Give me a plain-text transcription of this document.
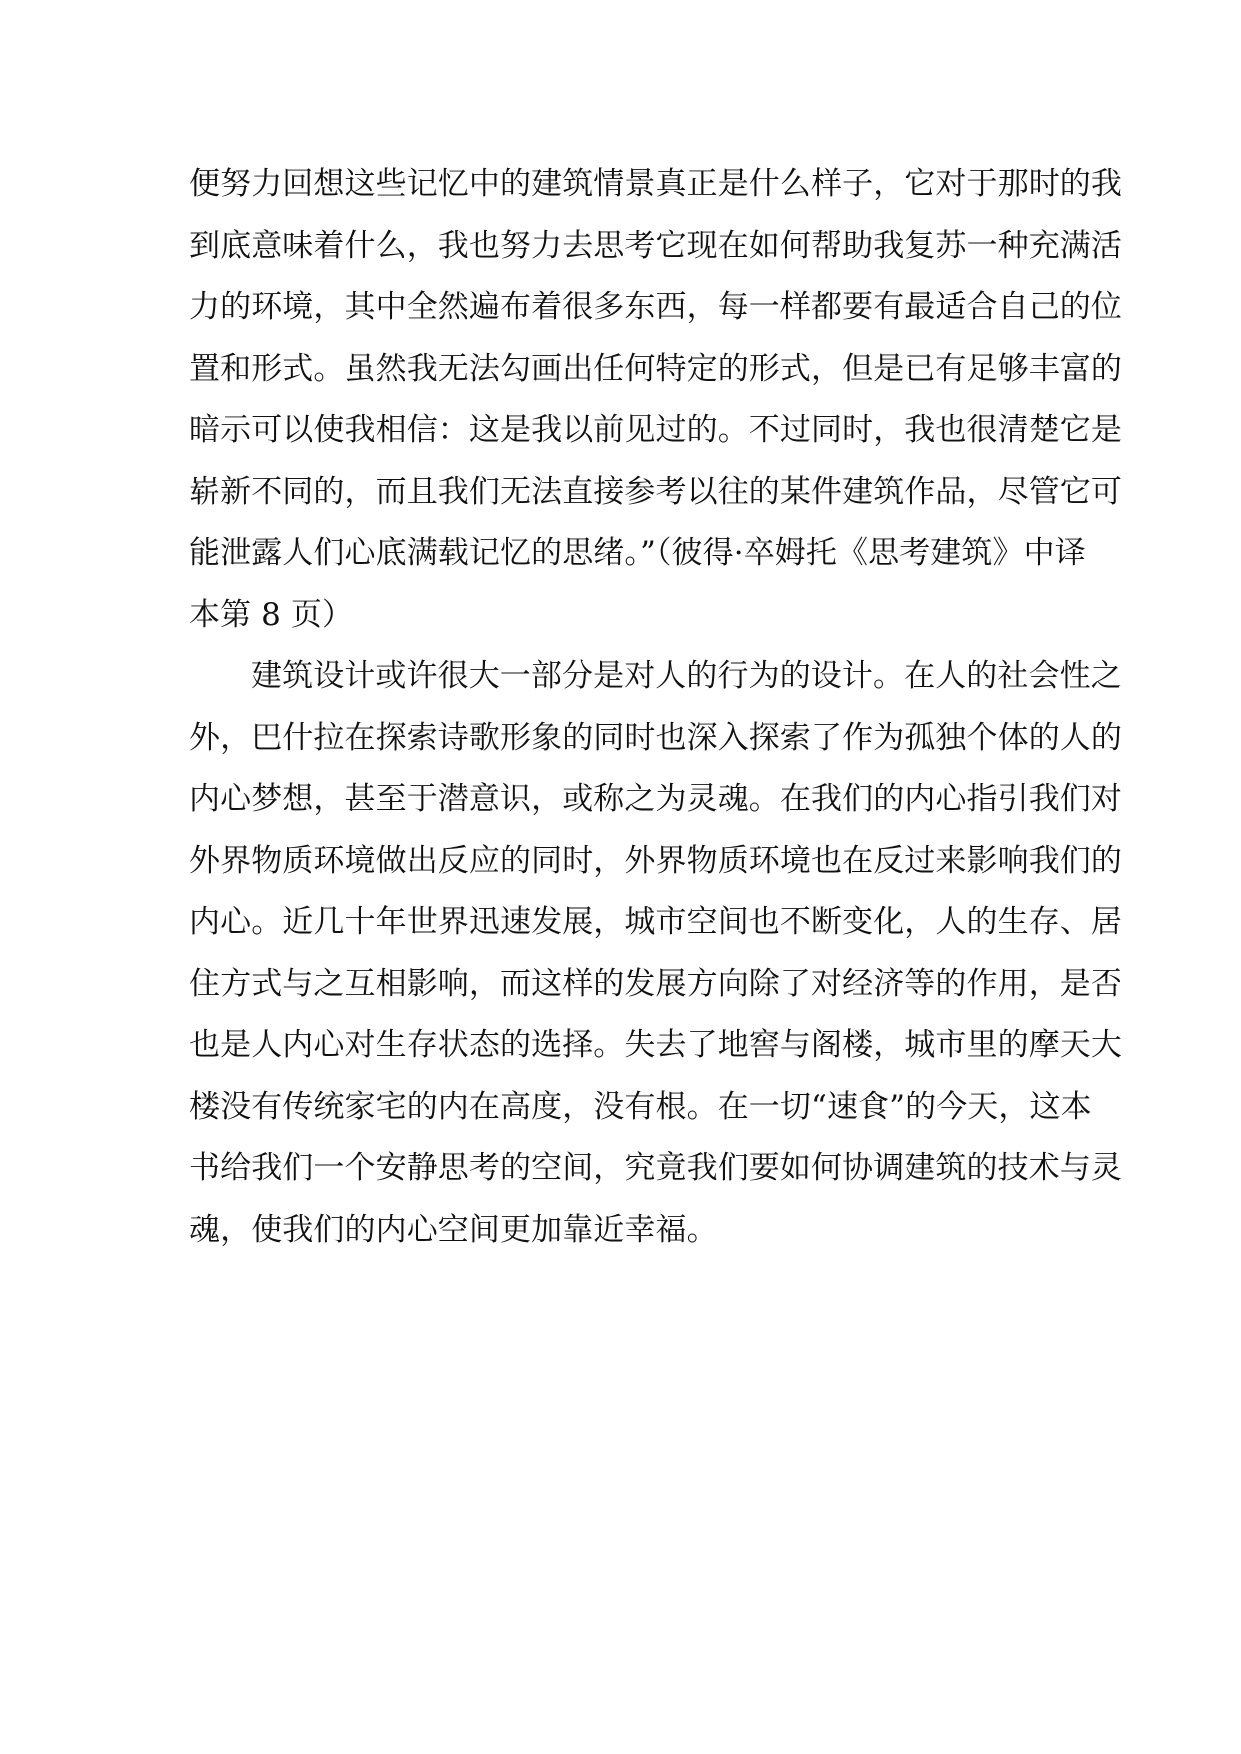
便努力回想这些记忆中的建筑情景真正是什么样子，它对于那时的我
到底意味着什么，我也努力去思考它现在如何帮助我复苏一种充满活
力的环境，其中全然遍布着很多东西，每一样都要有最适合自己的位
置和形式。虽然我无法勾画出任何特定的形式，但是已有足够丰富的
暗示可以使我相信：这是我以前见过的。不过同时，我也很清楚它是
崭新不同的，而且我们无法直接参考以往的某件建筑作品，尽管它可
能泄露人们心底满载记忆的思绪。”（彼得·卒姆托《思考建筑》中译
本第 8 页）
建筑设计或许很大一部分是对人的行为的设计。在人的社会性之
外，巴什拉在探索诗歌形象的同时也深入探索了作为孤独个体的人的
内心梦想，甚至于潜意识，或称之为灵魂。在我们的内心指引我们对
外界物质环境做出反应的同时，外界物质环境也在反过来影响我们的
内心。近几十年世界迅速发展，城市空间也不断变化，人的生存、居
住方式与之互相影响，而这样的发展方向除了对经济等的作用，是否
也是人内心对生存状态的选择。失去了地窖与阁楼，城市里的摩天大
楼没有传统家宅的内在高度，没有根。在一切“速食”的今天，这本
书给我们一个安静思考的空间，究竟我们要如何协调建筑的技术与灵
魂，使我们的内心空间更加靠近幸福。
